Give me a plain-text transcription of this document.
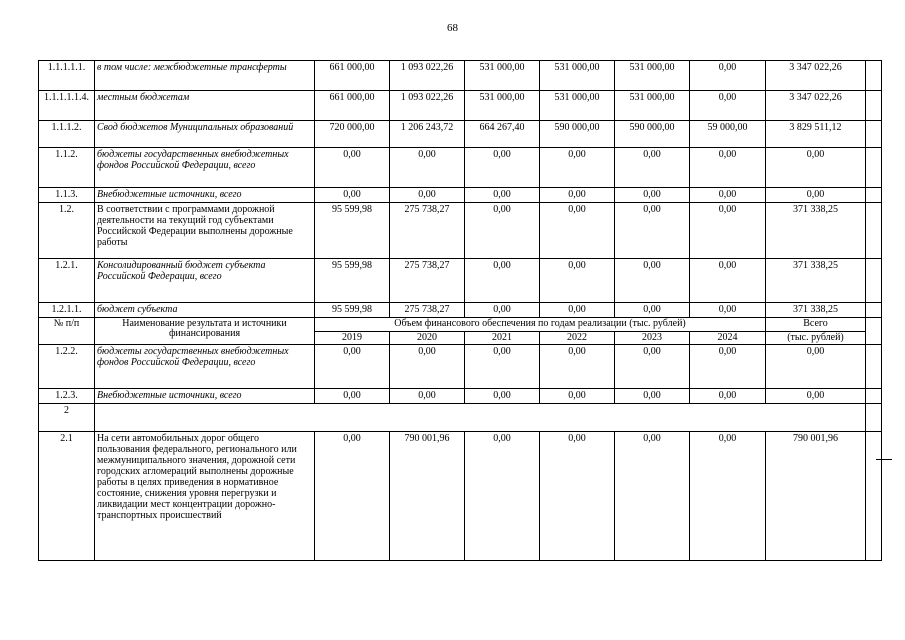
68
1.1.1.1.1.	в том числе: межбюджетные трансферты	661 000,00	1 093 022,26	531 000,00	531 000,00	531 000,00	0,00	3 347 022,26	
1.1.1.1.1.4.	местным бюджетам	661 000,00	1 093 022,26	531 000,00	531 000,00	531 000,00	0,00	3 347 022,26	
1.1.1.2.	Свод бюджетов Муниципальных образований	720 000,00	1 206 243,72	664 267,40	590 000,00	590 000,00	59 000,00	3 829 511,12	
1.1.2.	бюджеты государственных внебюджетных фондов Российской Федерации, всего	0,00	0,00	0,00	0,00	0,00	0,00	0,00	
1.1.3.	Внебюджетные источники, всего	0,00	0,00	0,00	0,00	0,00	0,00	0,00	
1.2.	В соответствии с программами дорожной деятельности на текущий год субъектами Российской Федерации выполнены дорожные работы	95 599,98	275 738,27	0,00	0,00	0,00	0,00	371 338,25	
1.2.1.	Консолидированный бюджет субъекта Российской Федерации, всего	95 599,98	275 738,27	0,00	0,00	0,00	0,00	371 338,25	
1.2.1.1.	бюджет субъекта	95 599,98	275 738,27	0,00	0,00	0,00	0,00	371 338,25	
№ п/п	Наименование результата и источники финансирования	Объем финансового обеспечения по годам реализации (тыс. рублей)						Всего	
		2019	2020	2021	2022	2023	2024	(тыс. рублей)	
1.2.2.	бюджеты государственных внебюджетных фондов Российской Федерации, всего	0,00	0,00	0,00	0,00	0,00	0,00	0,00	
1.2.3.	Внебюджетные источники, всего	0,00	0,00	0,00	0,00	0,00	0,00	0,00	
2									
2.1	На сети автомобильных дорог общего пользования федерального, регионального или межмуниципального значения, дорожной сети городских агломераций выполнены дорожные работы в целях приведения в нормативное состояние, снижения уровня перегрузки и ликвидации мест концентрации дорожно-транспортных происшествий	0,00	790 001,96	0,00	0,00	0,00	0,00	790 001,96	
